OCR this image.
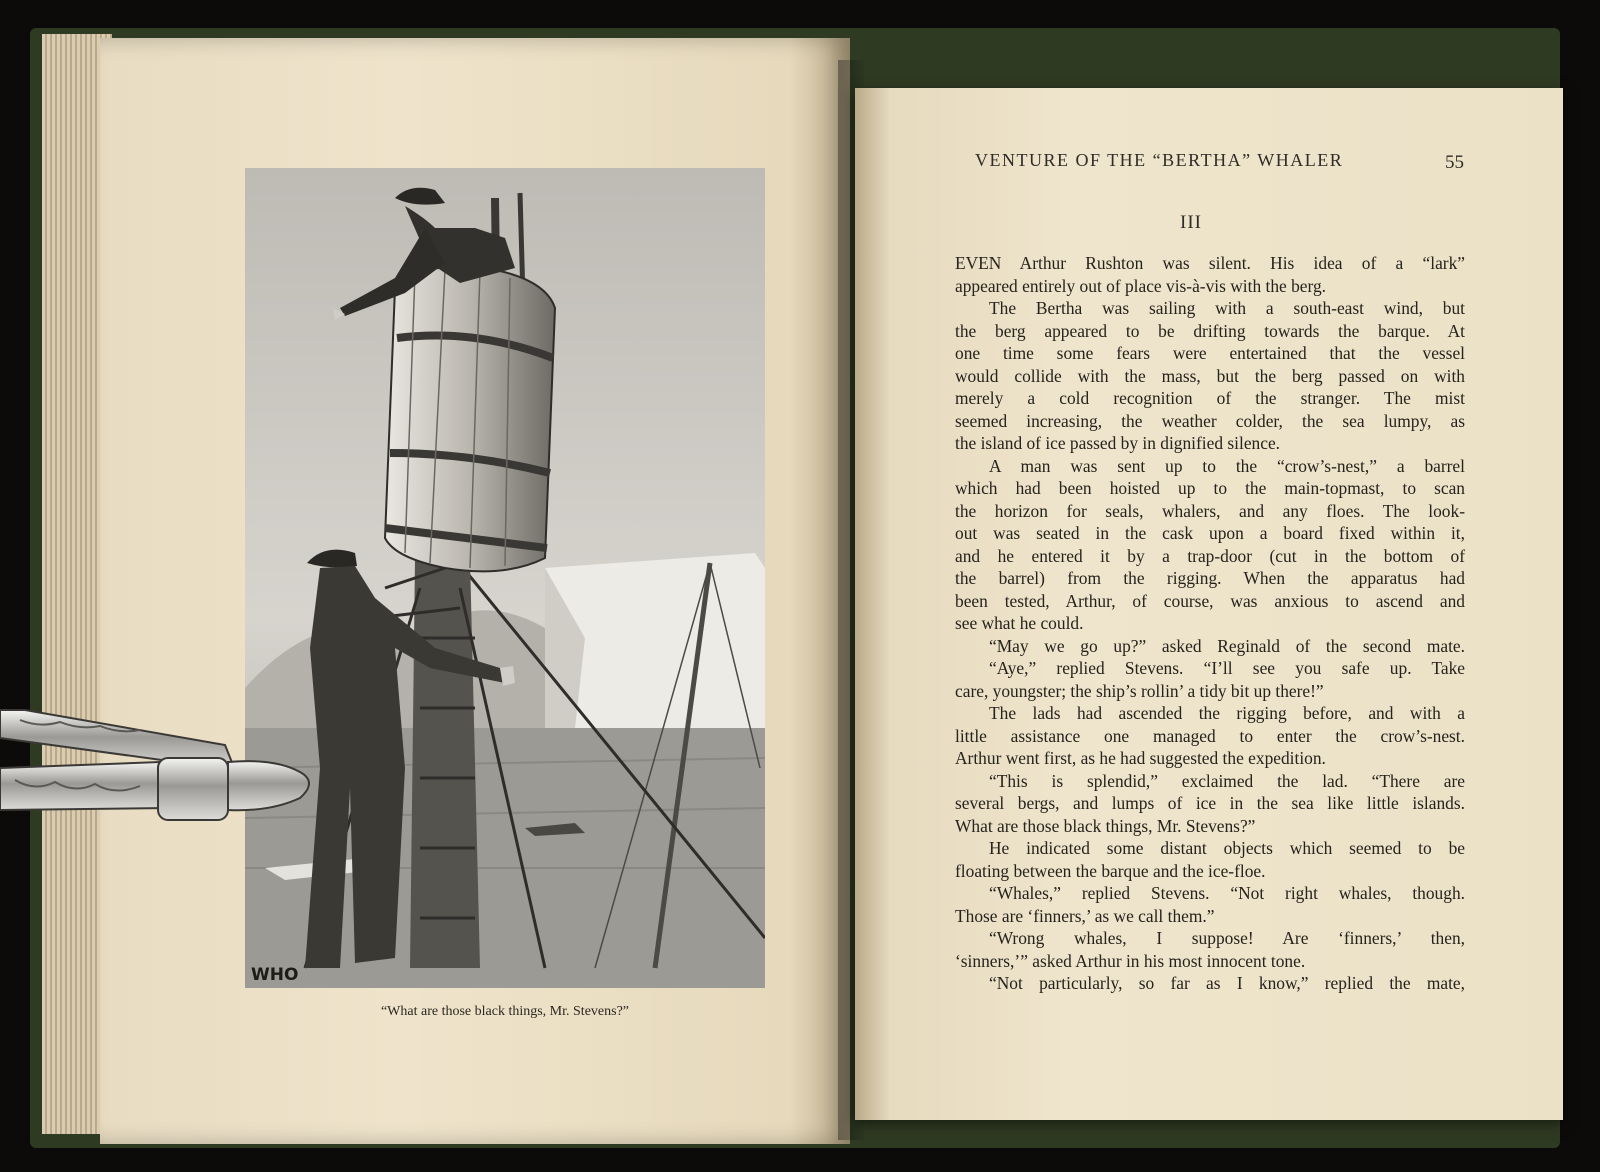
WHO
“What are those black things, Mr. Stevens?”
VENTURE OF THE “BERTHA” WHALER	55
III
EVEN Arthur Rushton was silent. His idea of a “lark”
appeared entirely out of place vis-à-vis with the berg.
The Bertha was sailing with a south-east wind, but
the berg appeared to be drifting towards the barque. At
one time some fears were entertained that the vessel
would collide with the mass, but the berg passed on with
merely a cold recognition of the stranger. The mist
seemed increasing, the weather colder, the sea lumpy, as
the island of ice passed by in dignified silence.
A man was sent up to the “crow’s-nest,” a barrel
which had been hoisted up to the main-topmast, to scan
the horizon for seals, whalers, and any floes. The look-
out was seated in the cask upon a board fixed within it,
and he entered it by a trap-door (cut in the bottom of
the barrel) from the rigging. When the apparatus had
been tested, Arthur, of course, was anxious to ascend and
see what he could.
“May we go up?” asked Reginald of the second mate.
“Aye,” replied Stevens. “I’ll see you safe up. Take
care, youngster; the ship’s rollin’ a tidy bit up there!”
The lads had ascended the rigging before, and with a
little assistance one managed to enter the crow’s-nest.
Arthur went first, as he had suggested the expedition.
“This is splendid,” exclaimed the lad. “There are
several bergs, and lumps of ice in the sea like little islands.
What are those black things, Mr. Stevens?”
He indicated some distant objects which seemed to be
floating between the barque and the ice-floe.
“Whales,” replied Stevens. “Not right whales, though.
Those are ‘finners,’ as we call them.”
“Wrong whales, I suppose! Are ‘finners,’ then,
‘sinners,’” asked Arthur in his most innocent tone.
“Not particularly, so far as I know,” replied the mate,
